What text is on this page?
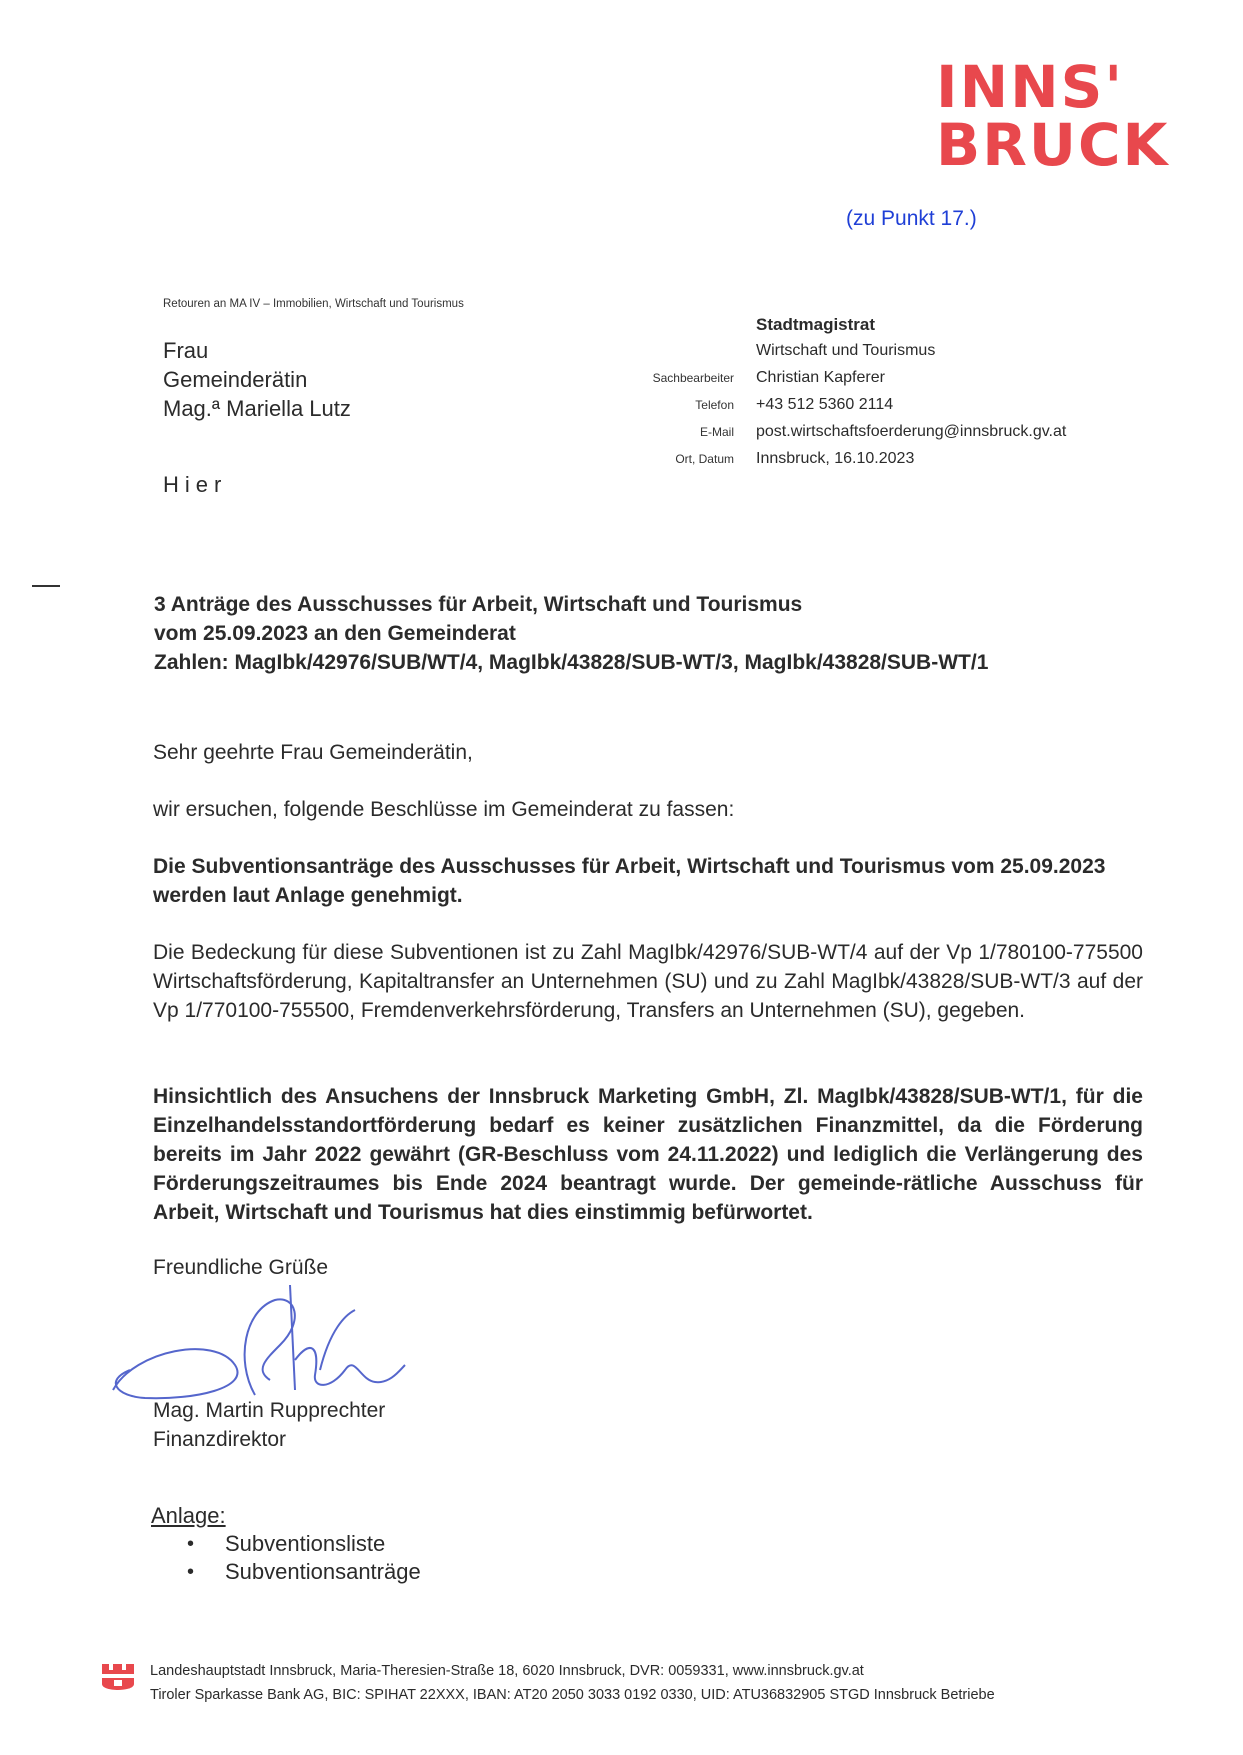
INNS'
BRUCK
(zu Punkt 17.)
Retouren an MA IV – Immobilien, Wirtschaft und Tourismus
Frau
Gemeinderätin
Mag.ª Mariella Lutz
Hier
Stadtmagistrat
Wirtschaft und Tourismus
Sachbearbeiter	Christian Kapferer
Telefon	+43 512 5360 2114
E-Mail	post.wirtschaftsfoerderung@innsbruck.gv.at
Ort, Datum	Innsbruck, 16.10.2023
3 Anträge des Ausschusses für Arbeit, Wirtschaft und Tourismus
vom 25.09.2023 an den Gemeinderat
Zahlen: MagIbk/42976/SUB/WT/4, MagIbk/43828/SUB-WT/3, MagIbk/43828/SUB-WT/1
Sehr geehrte Frau Gemeinderätin,
wir ersuchen, folgende Beschlüsse im Gemeinderat zu fassen:
Die Subventionsanträge des Ausschusses für Arbeit, Wirtschaft und Tourismus vom 25.09.2023 werden laut Anlage genehmigt.
Die Bedeckung für diese Subventionen ist zu Zahl MagIbk/42976/SUB-WT/4 auf der Vp 1/780100-775500 Wirtschaftsförderung, Kapitaltransfer an Unternehmen (SU) und zu Zahl MagIbk/43828/SUB-WT/3 auf der Vp 1/770100-755500, Fremdenverkehrsförderung, Transfers an Unternehmen (SU), gegeben.
Hinsichtlich des Ansuchens der Innsbruck Marketing GmbH, Zl. MagIbk/43828/SUB-WT/1, für die Einzelhandelsstandortförderung bedarf es keiner zusätzlichen Finanzmittel, da die Förderung bereits im Jahr 2022 gewährt (GR-Beschluss vom 24.11.2022) und lediglich die Verlängerung des Förderungszeitraumes bis Ende 2024 beantragt wurde. Der gemeinde-rätliche Ausschuss für Arbeit, Wirtschaft und Tourismus hat dies einstimmig befürwortet.
Freundliche Grüße
Mag. Martin Rupprechter
Finanzdirektor
Anlage:
• Subventionsliste
• Subventionsanträge
Landeshauptstadt Innsbruck, Maria-Theresien-Straße 18, 6020 Innsbruck, DVR: 0059331, www.innsbruck.gv.at
Tiroler Sparkasse Bank AG, BIC: SPIHAT 22XXX, IBAN: AT20 2050 3033 0192 0330, UID: ATU36832905 STGD Innsbruck Betriebe
